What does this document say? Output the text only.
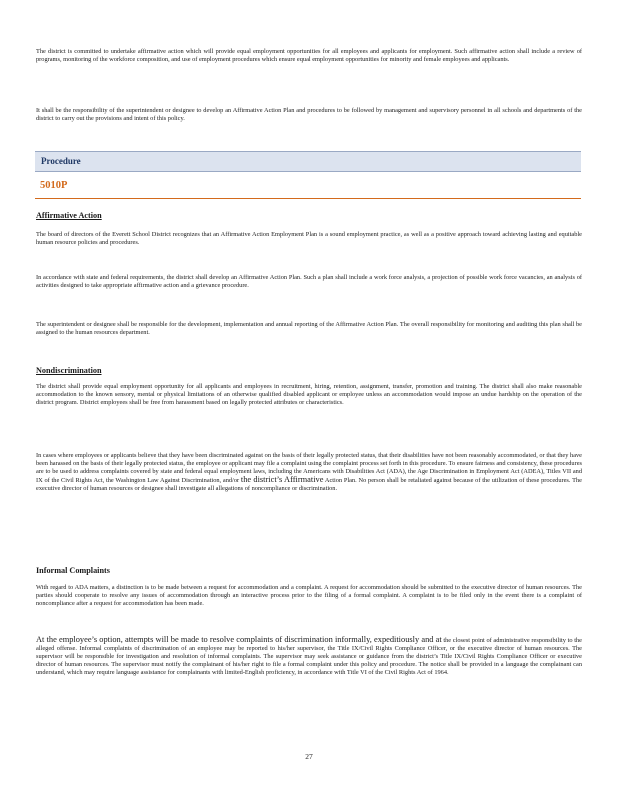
The district is committed to undertake affirmative action which will provide equal employment opportunities for all employees and applicants for employment. Such affirmative action shall include a review of programs, monitoring of the workforce composition, and use of employment procedures which ensure equal employment opportunities for minority and female employees and applicants.

It shall be the responsibility of the superintendent or designee to develop an Affirmative Action Plan and procedures to be followed by management and supervisory personnel in all schools and departments of the district to carry out the provisions and intent of this policy.

Procedure
5010P
Affirmative Action

The board of directors of the Everett School District recognizes that an Affirmative Action Employment Plan is a sound employment practice, as well as a positive approach toward achieving lasting and equitable human resource policies and procedures.

In accordance with state and federal requirements, the district shall develop an Affirmative Action Plan. Such a plan shall include a work force analysis, a projection of possible work force vacancies, an analysis of activities designed to take appropriate affirmative action and a grievance procedure.

The superintendent or designee shall be responsible for the development, implementation and annual reporting of the Affirmative Action Plan. The overall responsibility for monitoring and auditing this plan shall be assigned to the human resources department.

Nondiscrimination

The district shall provide equal employment opportunity for all applicants and employees in recruitment, hiring, retention, assignment, transfer, promotion and training. The district shall also make reasonable accommodation to the known sensory, mental or physical limitations of an otherwise qualified disabled applicant or employee unless an accommodation would impose an undue hardship on the operation of the district program. District employees shall be free from harassment based on legally protected attributes or characteristics.

In cases where employees or applicants believe that they have been discriminated against on the basis of their legally protected status, that their disabilities have not been reasonably accommodated, or that they have been harassed on the basis of their legally protected status, the employee or applicant may file a complaint using the complaint process set forth in this procedure. To ensure fairness and consistency, these procedures are to be used to address complaints covered by state and federal equal employment laws, including the Americans with Disabilities Act (ADA), the Age Discrimination in Employment Act (ADEA), Titles VII and IX of the Civil Rights Act, the Washington Law Against Discrimination, and/or the district’s Affirmative Action Plan. No person shall be retaliated against because of the utilization of these procedures. The executive director of human resources or designee shall investigate all allegations of noncompliance or discrimination.

Informal Complaints

With regard to ADA matters, a distinction is to be made between a request for accommodation and a complaint. A request for accommodation should be submitted to the executive director of human resources. The parties should cooperate to resolve any issues of accommodation through an interactive process prior to the filing of a formal complaint. A complaint is to be filed only in the event there is a complaint of noncompliance after a request for accommodation has been made.

At the employee’s option, attempts will be made to resolve complaints of discrimination informally, expeditiously and at the closest point of administrative responsibility to the alleged offense. Informal complaints of discrimination of an employee may be reported to his/her supervisor, the Title IX/Civil Rights Compliance Officer, or the executive director of human resources. The supervisor will be responsible for investigation and resolution of informal complaints. The supervisor may seek assistance or guidance from the district’s Title IX/Civil Rights Compliance Officer or executive director of human resources. The supervisor must notify the complainant of his/her right to file a formal complaint under this policy and procedure. The notice shall be provided in a language the complainant can understand, which may require language assistance for complainants with limited-English proficiency, in accordance with Title VI of the Civil Rights Act of 1964.

27
